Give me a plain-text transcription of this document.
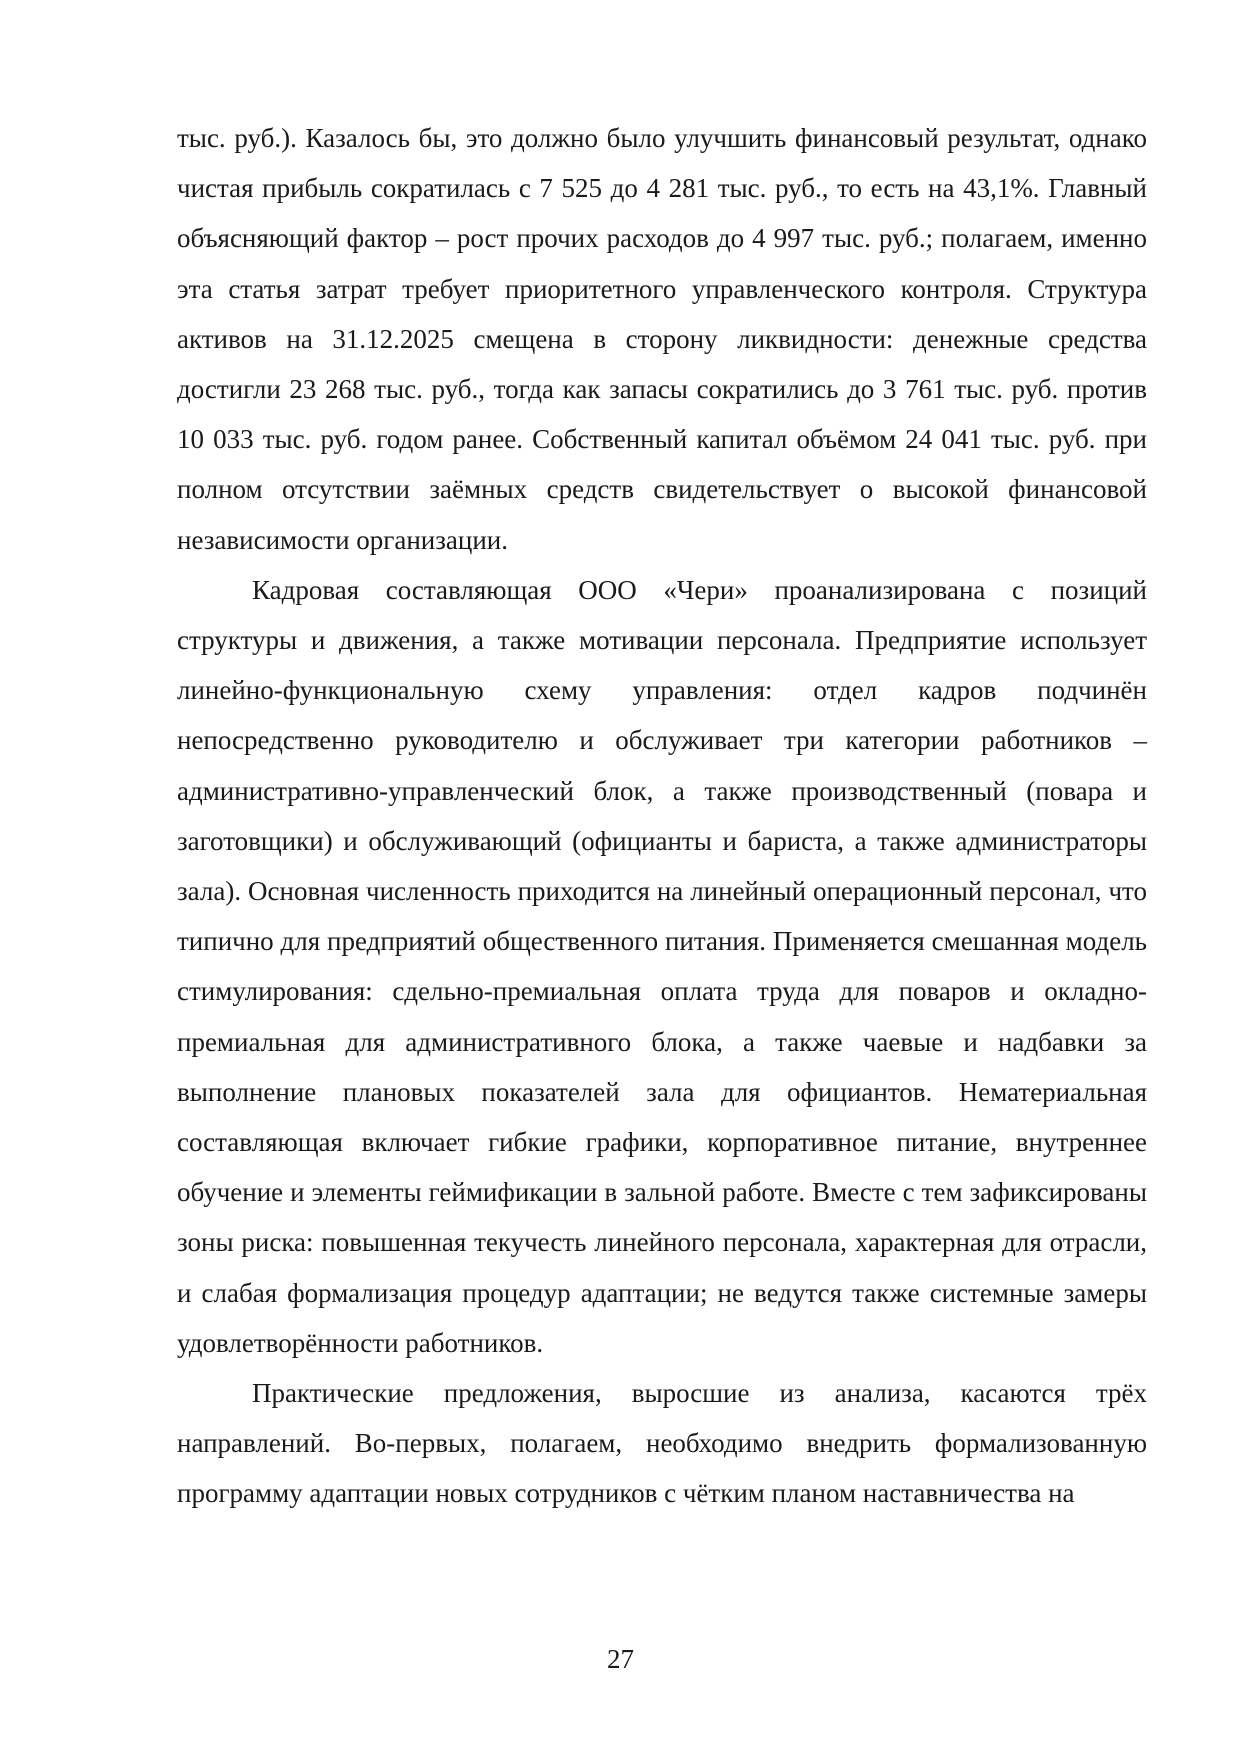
тыс. руб.). Казалось бы, это должно было улучшить финансовый результат, однако чистая прибыль сократилась с 7 525 до 4 281 тыс. руб., то есть на 43,1%. Главный объясняющий фактор – рост прочих расходов до 4 997 тыс. руб.; полагаем, именно эта статья затрат требует приоритетного управленческого контроля. Структура активов на 31.12.2025 смещена в сторону ликвидности: денежные средства достигли 23 268 тыс. руб., тогда как запасы сократились до 3 761 тыс. руб. против 10 033 тыс. руб. годом ранее. Собственный капитал объёмом 24 041 тыс. руб. при полном отсутствии заёмных средств свидетельствует о высокой финансовой независимости организации.

Кадровая составляющая ООО «Чери» проанализирована с позиций структуры и движения, а также мотивации персонала. Предприятие использует линейно-функциональную схему управления: отдел кадров подчинён непосредственно руководителю и обслуживает три категории работников – административно-управленческий блок, а также производственный (повара и заготовщики) и обслуживающий (официанты и бариста, а также администраторы зала). Основная численность приходится на линейный операционный персонал, что типично для предприятий общественного питания. Применяется смешанная модель стимулирования: сдельно-премиальная оплата труда для поваров и окладно-премиальная для административного блока, а также чаевые и надбавки за выполнение плановых показателей зала для официантов. Нематериальная составляющая включает гибкие графики, корпоративное питание, внутреннее обучение и элементы геймификации в зальной работе. Вместе с тем зафиксированы зоны риска: повышенная текучесть линейного персонала, характерная для отрасли, и слабая формализация процедур адаптации; не ведутся также системные замеры удовлетворённости работников.

Практические предложения, выросшие из анализа, касаются трёх направлений. Во-первых, полагаем, необходимо внедрить формализованную программу адаптации новых сотрудников с чётким планом наставничества на

27
